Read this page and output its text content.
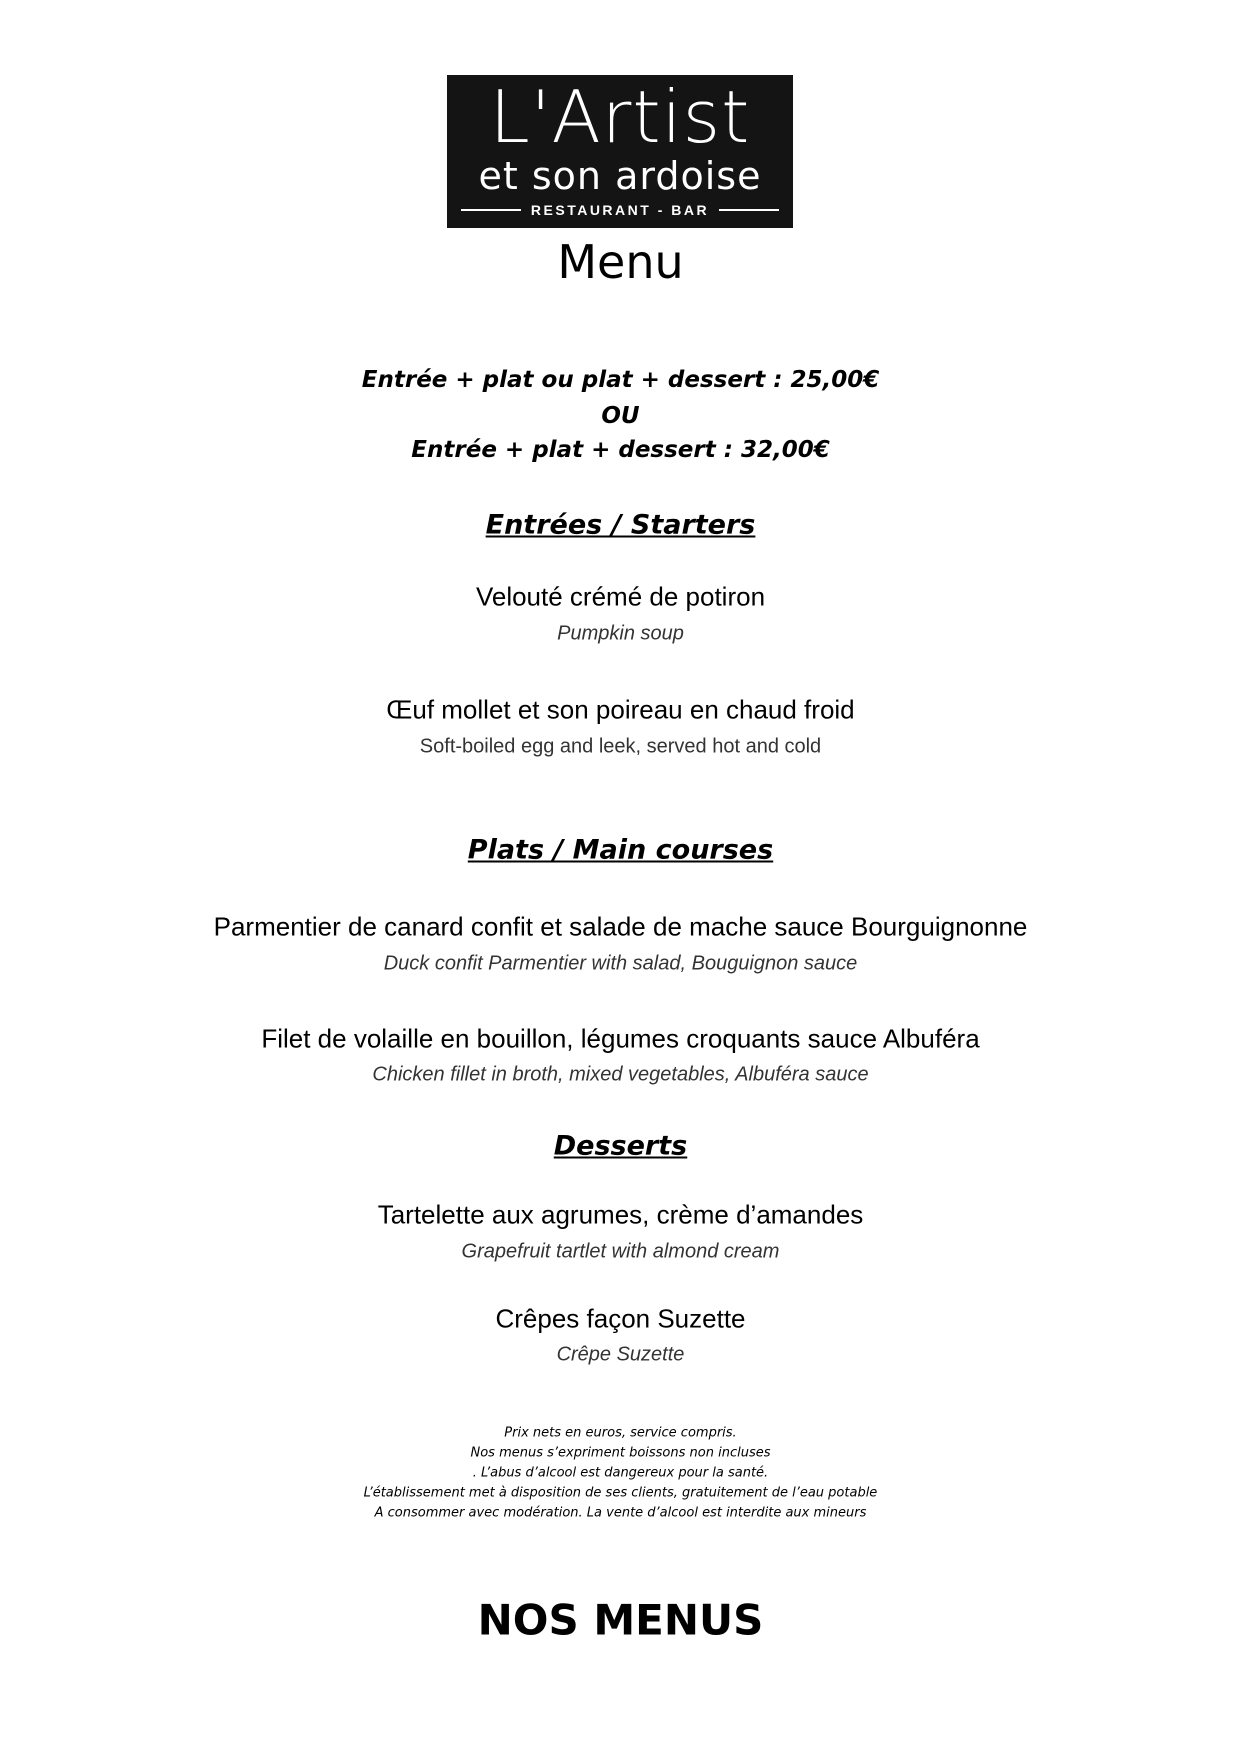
L'Artist
et son ardoise
RESTAURANT - BAR
Menu
Entrée + plat ou plat + dessert : 25,00€
OU
Entrée + plat + dessert : 32,00€
Entrées / Starters
Velouté crémé de potiron
Pumpkin soup
Œuf mollet et son poireau en chaud froid
Soft-boiled egg and leek, served hot and cold
Plats / Main courses
Parmentier de canard confit et salade de mache sauce Bourguignonne
Duck confit Parmentier with salad, Bouguignon sauce
Filet de volaille en bouillon, légumes croquants sauce Albuféra
Chicken fillet in broth, mixed vegetables, Albuféra sauce
Desserts
Tartelette aux agrumes, crème d’amandes
Grapefruit tartlet with almond cream
Crêpes façon Suzette
Crêpe Suzette
Prix nets en euros, service compris.
Nos menus s’expriment boissons non incluses
. L’abus d’alcool est dangereux pour la santé.
L’établissement met à disposition de ses clients, gratuitement de l’eau potable
A consommer avec modération. La vente d’alcool est interdite aux mineurs
NOS MENUS
